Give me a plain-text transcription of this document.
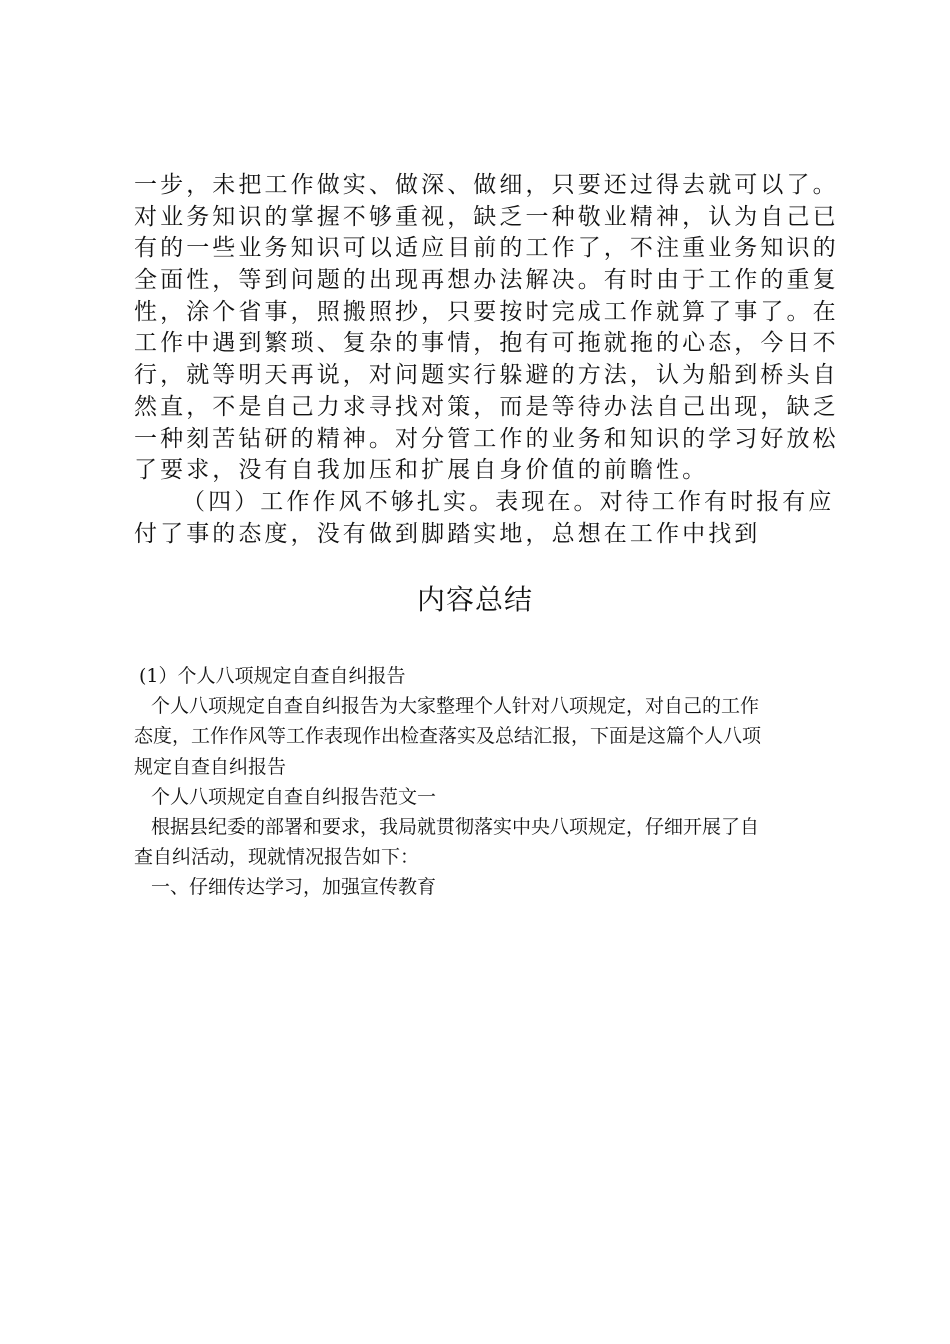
一步，未把工作做实、做深、做细，只要还过得去就可以了。
对业务知识的掌握不够重视，缺乏一种敬业精神，认为自己已
有的一些业务知识可以适应目前的工作了，不注重业务知识的
全面性，等到问题的出现再想办法解决。有时由于工作的重复
性，涂个省事，照搬照抄，只要按时完成工作就算了事了。在
工作中遇到繁琐、复杂的事情，抱有可拖就拖的心态，今日不
行，就等明天再说，对问题实行躲避的方法，认为船到桥头自
然直，不是自己力求寻找对策，而是等待办法自己出现，缺乏
一种刻苦钻研的精神。对分管工作的业务和知识的学习好放松
了要求，没有自我加压和扩展自身价值的前瞻性。
（四）工作作风不够扎实。表现在。对待工作有时报有应
付了事的态度，没有做到脚踏实地，总想在工作中找到
内容总结
(1）个人八项规定自查自纠报告
个人八项规定自查自纠报告为大家整理个人针对八项规定，对自己的工作
态度，工作作风等工作表现作出检查落实及总结汇报，下面是这篇个人八项
规定自查自纠报告
个人八项规定自查自纠报告范文一
根据县纪委的部署和要求，我局就贯彻落实中央八项规定，仔细开展了自
查自纠活动，现就情况报告如下：
一、仔细传达学习，加强宣传教育
